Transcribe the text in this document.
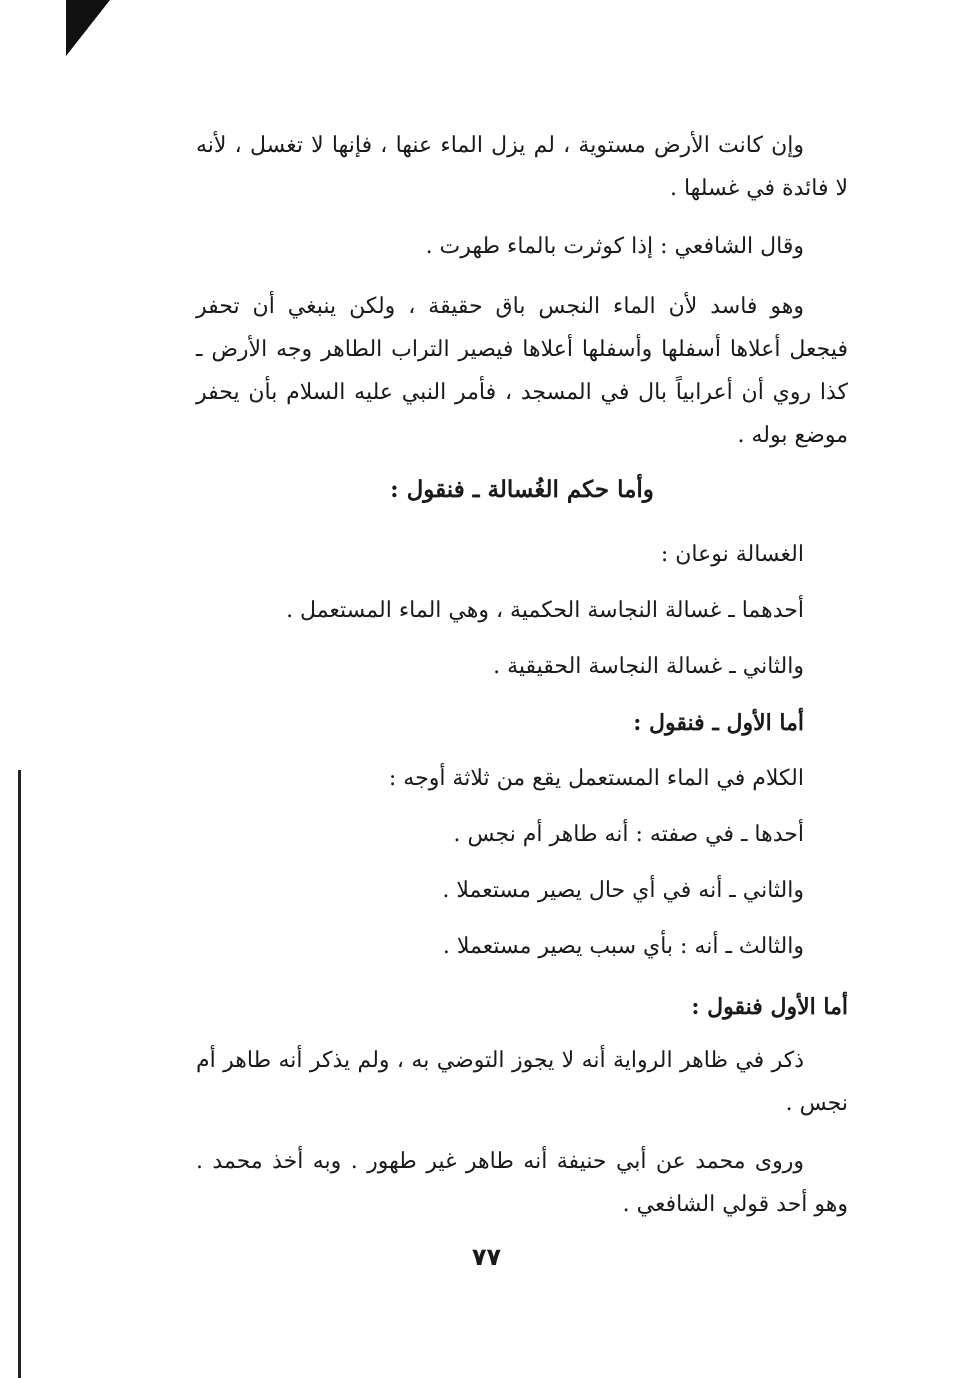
وإن كانت الأرض مستوية ، لم يزل الماء عنها ، فإنها لا تغسل ، لأنه لا فائدة في غسلها .

وقال الشافعي : إذا كوثرت بالماء طهرت .

وهو فاسد لأن الماء النجس باق حقيقة ، ولكن ينبغي أن تحفر فيجعل أعلاها أسفلها وأسفلها أعلاها فيصير التراب الطاهر وجه الأرض ـ كذا روي أن أعرابياً بال في المسجد ، فأمر النبي عليه السلام بأن يحفر موضع بوله .

وأما حكم الغُسالة ـ فنقول :

الغسالة نوعان :

أحدهما ـ غسالة النجاسة الحكمية ، وهي الماء المستعمل .

والثاني ـ غسالة النجاسة الحقيقية .

أما الأول ـ فنقول :

الكلام في الماء المستعمل يقع من ثلاثة أوجه :

أحدها ـ في صفته : أنه طاهر أم نجس .

والثاني ـ أنه في أي حال يصير مستعملا .

والثالث ـ أنه : بأي سبب يصير مستعملا .

أما الأول فنقول :

ذكر في ظاهر الرواية أنه لا يجوز التوضي به ، ولم يذكر أنه طاهر أم نجس .

وروى محمد عن أبي حنيفة أنه طاهر غير طهور . وبه أخذ محمد . وهو أحد قولي الشافعي .

٧٧
